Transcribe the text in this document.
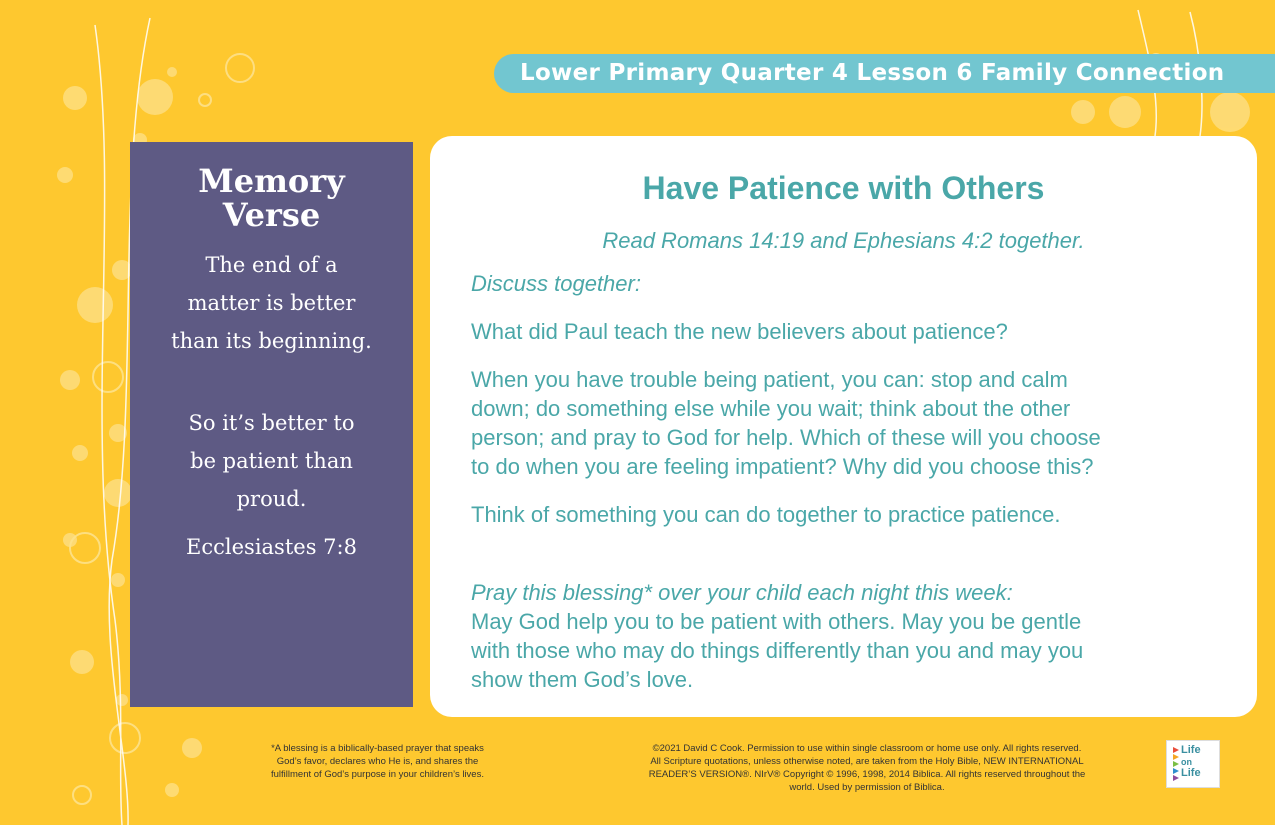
Lower Primary Quarter 4 Lesson 6 Family Connection
Memory
Verse
The end of a
matter is better
than its beginning.
So it’s better to
be patient than
proud.
Ecclesiastes 7:8
Have Patience with Others
Read Romans 14:19 and Ephesians 4:2 together.
Discuss together:
What did Paul teach the new believers about patience?
When you have trouble being patient, you can: stop and calm
down; do something else while you wait; think about the other
person; and pray to God for help. Which of these will you choose
to do when you are feeling impatient? Why did you choose this?
Think of something you can do together to practice patience.
Pray this blessing* over your child each night this week:
May God help you to be patient with others. May you be gentle
with those who may do things differently than you and may you
show them God’s love.
*A blessing is a biblically-based prayer that speaks
God’s favor, declares who He is, and shares the
fulfillment of God’s purpose in your children’s lives.
©2021 David C Cook. Permission to use within single classroom or home use only. All rights reserved.
All Scripture quotations, unless otherwise noted, are taken from the Holy Bible, NEW INTERNATIONAL
READER’S VERSION®. NIrV® Copyright © 1996, 1998, 2014 Biblica. All rights reserved throughout the
world. Used by permission of Biblica.
Life
on
Life
